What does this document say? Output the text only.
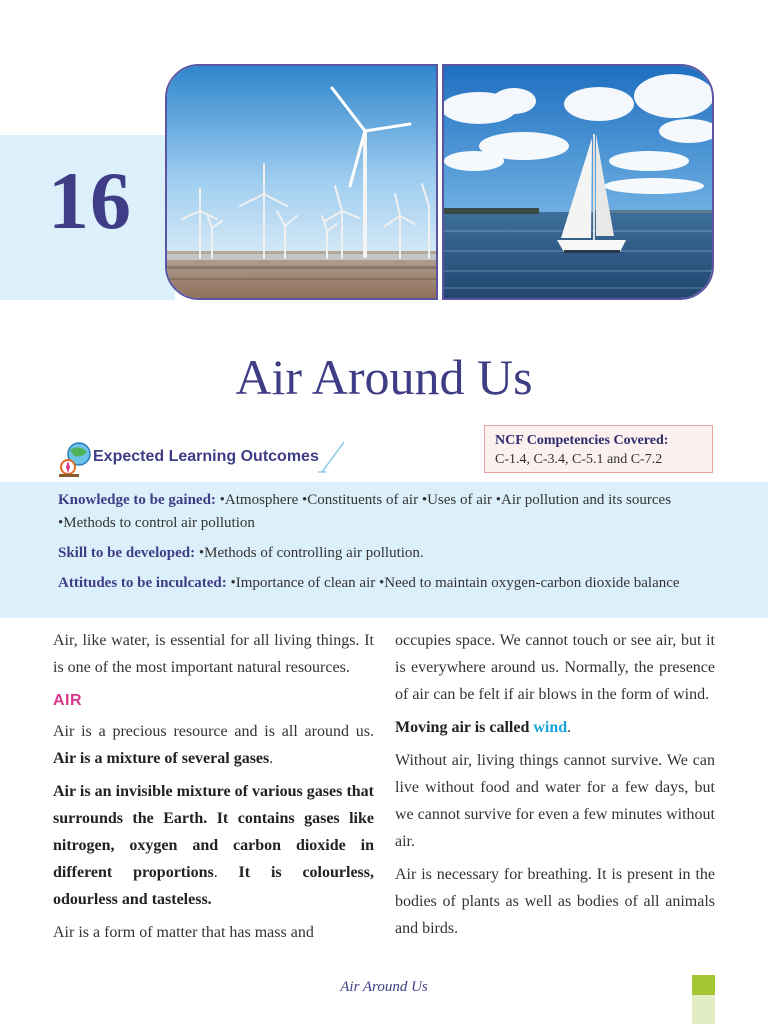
16
Air Around Us
Expected Learning Outcomes
NCF Competencies Covered:
C-1.4, C-3.4, C-5.1 and C-7.2
Knowledge to be gained: •Atmosphere •Constituents of air •Uses of air •Air pollution and its sources •Methods to control air pollution
Skill to be developed: •Methods of controlling air pollution.
Attitudes to be inculcated: •Importance of clean air •Need to maintain oxygen-carbon dioxide balance

Air, like water, is essential for all living things. It is one of the most important natural resources.

AIR

Air is a precious resource and is all around us. Air is a mixture of several gases.

Air is an invisible mixture of various gases that surrounds the Earth. It contains gases like nitrogen, oxygen and carbon dioxide in different proportions. It is colourless, odourless and tasteless.

Air is a form of matter that has mass and

occupies space. We cannot touch or see air, but it is everywhere around us. Normally, the presence of air can be felt if air blows in the form of wind.

Moving air is called wind.

Without air, living things cannot survive. We can live without food and water for a few days, but we cannot survive for even a few minutes without air.

Air is necessary for breathing. It is present in the bodies of plants as well as bodies of all animals and birds.

Air Around Us
